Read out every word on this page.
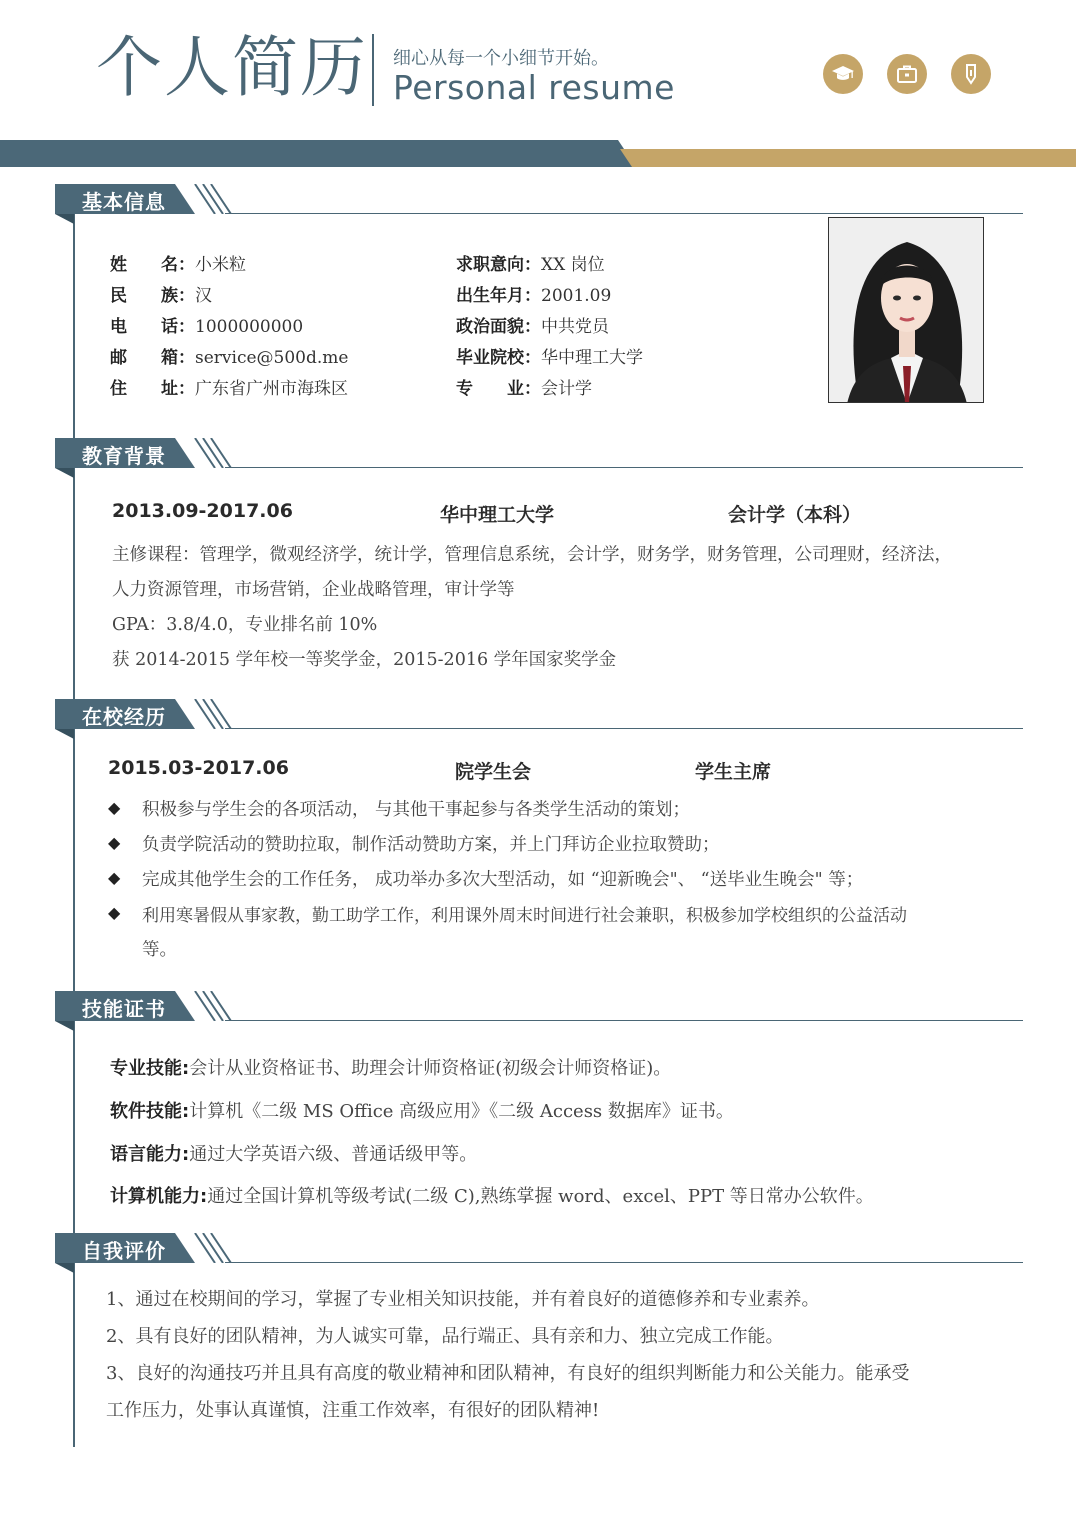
个人简历 细心从每一个小细节开始。
Personal resume
基本信息
姓　　名：小米粒
民　　族：汉
电　　话：1000000000
邮　　箱：service@500d.me
住　　址：广东省广州市海珠区
求职意向：XX 岗位
出生年月：2001.09
政治面貌：中共党员
毕业院校：华中理工大学
专　　业：会计学
教育背景
2013.09-2017.06	华中理工大学	会计学（本科）
主修课程：管理学，微观经济学，统计学，管理信息系统，会计学，财务学，财务管理，公司理财，经济法，
人力资源管理，市场营销，企业战略管理，审计学等
GPA：3.8/4.0，专业排名前 10%
获 2014-2015 学年校一等奖学金，2015-2016 学年国家奖学金
在校经历
2015.03-2017.06	院学生会	学生主席
◆ 积极参与学生会的各项活动， 与其他干事起参与各类学生活动的策划；
◆ 负责学院活动的赞助拉取，制作活动赞助方案，并上门拜访企业拉取赞助；
◆ 完成其他学生会的工作任务， 成功举办多次大型活动，如 “迎新晚会"、 “送毕业生晚会" 等；
◆ 利用寒暑假从事家教，勤工助学工作，利用课外周末时间进行社会兼职，积极参加学校组织的公益活动
等。
技能证书
专业技能:会计从业资格证书、助理会计师资格证(初级会计师资格证)。
软件技能:计算机《二级 MS Office 高级应用》《二级 Access 数据库》证书。
语言能力:通过大学英语六级、普通话级甲等。
计算机能力:通过全国计算机等级考试(二级 C),熟练掌握 word、excel、PPT 等日常办公软件。
自我评价
1、通过在校期间的学习，掌握了专业相关知识技能，并有着良好的道德修养和专业素养。
2、具有良好的团队精神，为人诚实可靠，品行端正、具有亲和力、独立完成工作能。
3、良好的沟通技巧并且具有高度的敬业精神和团队精神，有良好的组织判断能力和公关能力。能承受
工作压力，处事认真谨慎，注重工作效率，有很好的团队精神!
